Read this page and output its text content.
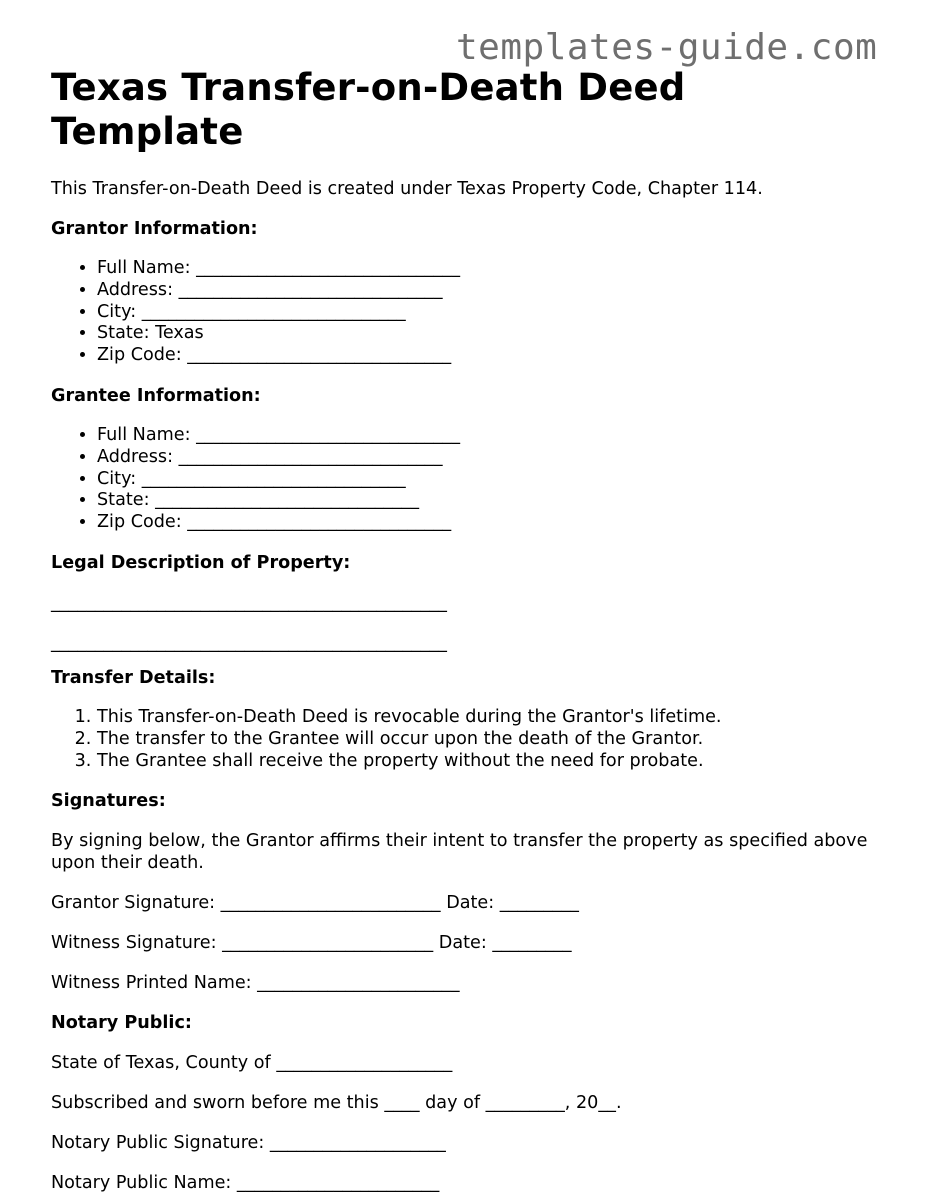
templates-guide.com
Texas Transfer-on-Death Deed Template

This Transfer-on-Death Deed is created under Texas Property Code, Chapter 114.

Grantor Information:

• Full Name: ______________________________
• Address: ______________________________
• City: ______________________________
• State: Texas
• Zip Code: ______________________________

Grantee Information:

• Full Name: ______________________________
• Address: ______________________________
• City: ______________________________
• State: ______________________________
• Zip Code: ______________________________

Legal Description of Property:

_____________________________________________

_____________________________________________

Transfer Details:

1. This Transfer-on-Death Deed is revocable during the Grantor's lifetime.
2. The transfer to the Grantee will occur upon the death of the Grantor.
3. The Grantee shall receive the property without the need for probate.

Signatures:

By signing below, the Grantor affirms their intent to transfer the property as specified above upon their death.

Grantor Signature: _________________________ Date: _________

Witness Signature: ________________________ Date: _________

Witness Printed Name: _______________________

Notary Public:

State of Texas, County of ____________________

Subscribed and sworn before me this ____ day of _________, 20__.

Notary Public Signature: ____________________

Notary Public Name: _______________________
